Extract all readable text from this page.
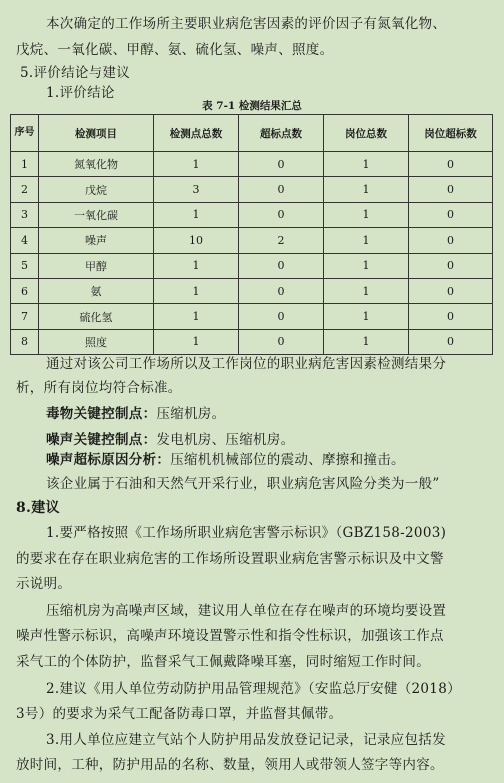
本次确定的工作场所主要职业病危害因素的评价因子有氮氧化物、
戊烷、一氧化碳、甲醇、氨、硫化氢、噪声、照度。
5.评价结论与建议
1.评价结论
表 7-1 检测结果汇总
序号	检测项目	检测点总数	超标点数	岗位总数	岗位超标数
1	氮氧化物	1	0	1	0
2	戊烷	3	0	1	0
3	一氧化碳	1	0	1	0
4	噪声	10	2	1	0
5	甲醇	1	0	1	0
6	氨	1	0	1	0
7	硫化氢	1	0	1	0
8	照度	1	0	1	0
通过对该公司工作场所以及工作岗位的职业病危害因素检测结果分
析，所有岗位均符合标准。
毒物关键控制点：压缩机房。
噪声关键控制点：发电机房、压缩机房。
噪声超标原因分析：压缩机机械部位的震动、摩擦和撞击。
该企业属于石油和天然气开采行业，职业病危害风险分类为一般”
8.建议
1.要严格按照《工作场所职业病危害警示标识》（GBZ158-2003)
的要求在存在职业病危害的工作场所设置职业病危害警示标识及中文警
示说明。
压缩机房为高噪声区域，建议用人单位在存在噪声的环境均要设置
噪声性警示标识，高噪声环境设置警示性和指令性标识，加强该工作点
采气工的个体防护，监督采气工佩戴降噪耳塞，同时缩短工作时间。
2.建议《用人单位劳动防护用品管理规范》（安监总厅安健（2018）
3号）的要求为采气工配备防毒口罩，并监督其佩带。
3.用人单位应建立气站个人防护用品发放登记记录，记录应包括发
放时间，工种，防护用品的名称、数量，领用人或带领人签字等内容。
